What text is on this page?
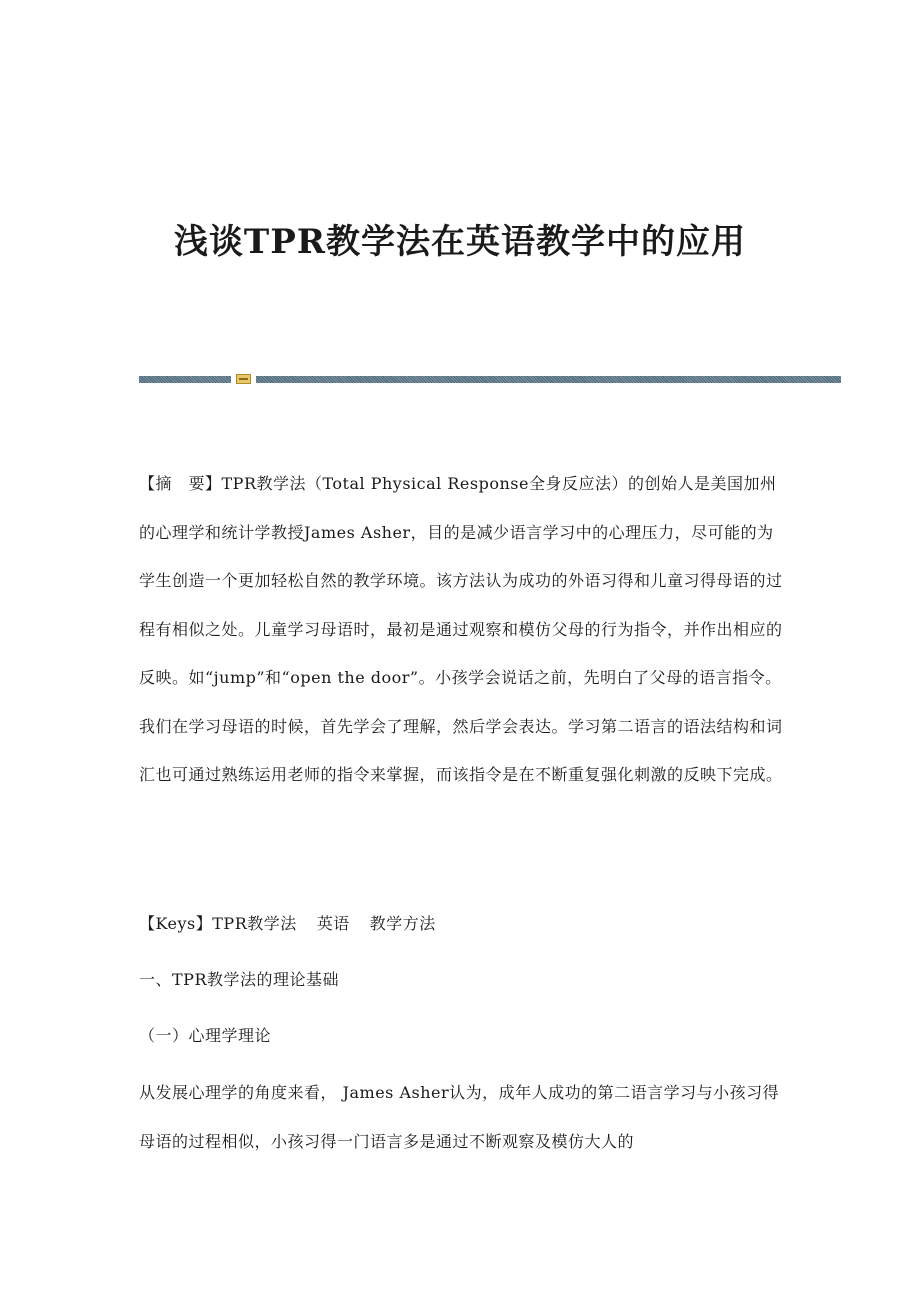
浅谈TPR教学法在英语教学中的应用

【摘　要】TPR教学法（Total Physical Response全身反应法）的创始人是美国加州的心理学和统计学教授James Asher，目的是减少语言学习中的心理压力，尽可能的为学生创造一个更加轻松自然的教学环境。该方法认为成功的外语习得和儿童习得母语的过程有相似之处。儿童学习母语时，最初是通过观察和模仿父母的行为指令，并作出相应的反映。如“jump”和“open the door”。小孩学会说话之前，先明白了父母的语言指令。我们在学习母语的时候，首先学会了理解，然后学会表达。学习第二语言的语法结构和词汇也可通过熟练运用老师的指令来掌握，而该指令是在不断重复强化刺激的反映下完成。

【Keys】TPR教学法 英语 教学方法

一、TPR教学法的理论基础

（一）心理学理论

从发展心理学的角度来看， James Asher认为，成年人成功的第二语言学习与小孩习得母语的过程相似，小孩习得一门语言多是通过不断观察及模仿大人的
